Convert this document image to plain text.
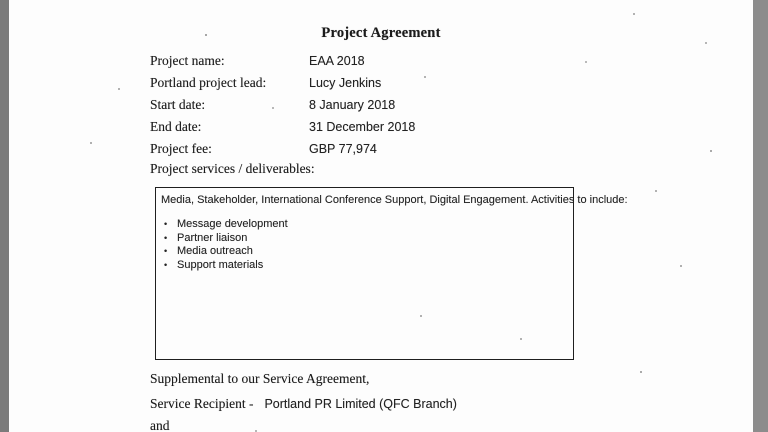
Project Agreement
Project name:	EAA 2018
Portland project lead:	Lucy Jenkins
Start date:	8 January 2018
End date:	31 December 2018
Project fee:	GBP 77,974
Project services / deliverables:
Media, Stakeholder, International Conference Support, Digital Engagement. Activities to include:
• Message development
• Partner liaison
• Media outreach
• Support materials
Supplemental to our Service Agreement,
Service Recipient - Portland PR Limited (QFC Branch)
and
